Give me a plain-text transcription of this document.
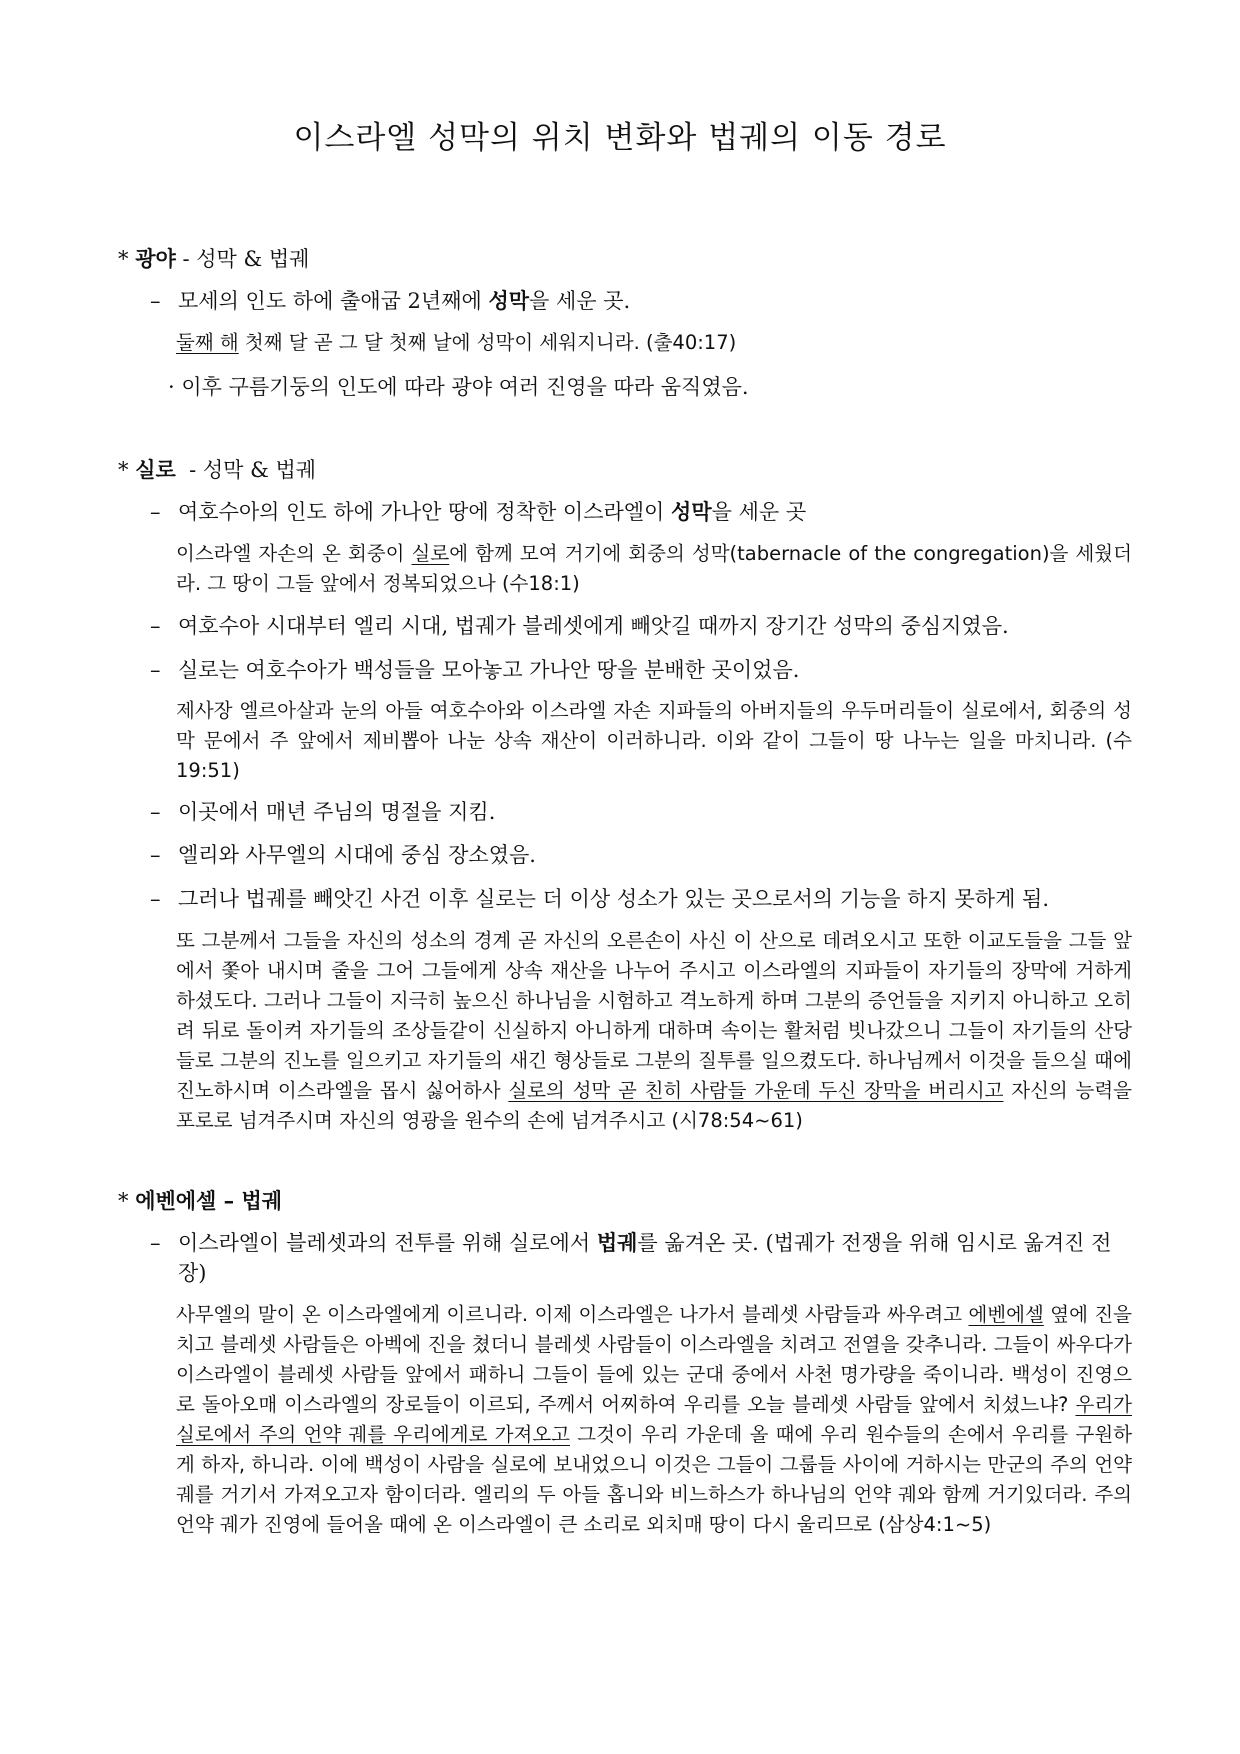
이스라엘 성막의 위치 변화와 법궤의 이동 경로
* 광야 - 성막 & 법궤
– 모세의 인도 하에 출애굽 2년째에 성막을 세운 곳.
둘째 해 첫째 달 곧 그 달 첫째 날에 성막이 세워지니라. (출40:17)
· 이후 구름기둥의 인도에 따라 광야 여러 진영을 따라 움직였음.
* 실로  - 성막 & 법궤
– 여호수아의 인도 하에 가나안 땅에 정착한 이스라엘이 성막을 세운 곳
이스라엘 자손의 온 회중이 실로에 함께 모여 거기에 회중의 성막(tabernacle of the congregation)을 세웠더라. 그 땅이 그들 앞에서 정복되었으나 (수18:1)
– 여호수아 시대부터 엘리 시대, 법궤가 블레셋에게 빼앗길 때까지 장기간 성막의 중심지였음.
– 실로는 여호수아가 백성들을 모아놓고 가나안 땅을 분배한 곳이었음.
제사장 엘르아살과 눈의 아들 여호수아와 이스라엘 자손 지파들의 아버지들의 우두머리들이 실로에서, 회중의 성막 문에서 주 앞에서 제비뽑아 나눈 상속 재산이 이러하니라. 이와 같이 그들이 땅 나누는 일을 마치니라. (수19:51)
– 이곳에서 매년 주님의 명절을 지킴.
– 엘리와 사무엘의 시대에 중심 장소였음.
– 그러나 법궤를 빼앗긴 사건 이후 실로는 더 이상 성소가 있는 곳으로서의 기능을 하지 못하게 됨.
또 그분께서 그들을 자신의 성소의 경계 곧 자신의 오른손이 사신 이 산으로 데려오시고 또한 이교도들을 그들 앞에서 쫓아 내시며 줄을 그어 그들에게 상속 재산을 나누어 주시고 이스라엘의 지파들이 자기들의 장막에 거하게 하셨도다. 그러나 그들이 지극히 높으신 하나님을 시험하고 격노하게 하며 그분의 증언들을 지키지 아니하고 오히려 뒤로 돌이켜 자기들의 조상들같이 신실하지 아니하게 대하며 속이는 활처럼 빗나갔으니 그들이 자기들의 산당들로 그분의 진노를 일으키고 자기들의 새긴 형상들로 그분의 질투를 일으켰도다. 하나님께서 이것을 들으실 때에 진노하시며 이스라엘을 몹시 싫어하사 실로의 성막 곧 친히 사람들 가운데 두신 장막을 버리시고 자신의 능력을 포로로 넘겨주시며 자신의 영광을 원수의 손에 넘겨주시고 (시78:54~61)
* 에벤에셀 – 법궤
– 이스라엘이 블레셋과의 전투를 위해 실로에서 법궤를 옮겨온 곳. (법궤가 전쟁을 위해 임시로 옮겨진 전장)
사무엘의 말이 온 이스라엘에게 이르니라. 이제 이스라엘은 나가서 블레셋 사람들과 싸우려고 에벤에셀 옆에 진을 치고 블레셋 사람들은 아벡에 진을 쳤더니 블레셋 사람들이 이스라엘을 치려고 전열을 갖추니라. 그들이 싸우다가 이스라엘이 블레셋 사람들 앞에서 패하니 그들이 들에 있는 군대 중에서 사천 명가량을 죽이니라. 백성이 진영으로 돌아오매 이스라엘의 장로들이 이르되, 주께서 어찌하여 우리를 오늘 블레셋 사람들 앞에서 치셨느냐? 우리가 실로에서 주의 언약 궤를 우리에게로 가져오고 그것이 우리 가운데 올 때에 우리 원수들의 손에서 우리를 구원하게 하자, 하니라. 이에 백성이 사람을 실로에 보내었으니 이것은 그들이 그룹들 사이에 거하시는 만군의 주의 언약 궤를 거기서 가져오고자 함이더라. 엘리의 두 아들 홉니와 비느하스가 하나님의 언약 궤와 함께 거기있더라. 주의 언약 궤가 진영에 들어올 때에 온 이스라엘이 큰 소리로 외치매 땅이 다시 울리므로 (삼상4:1~5)
